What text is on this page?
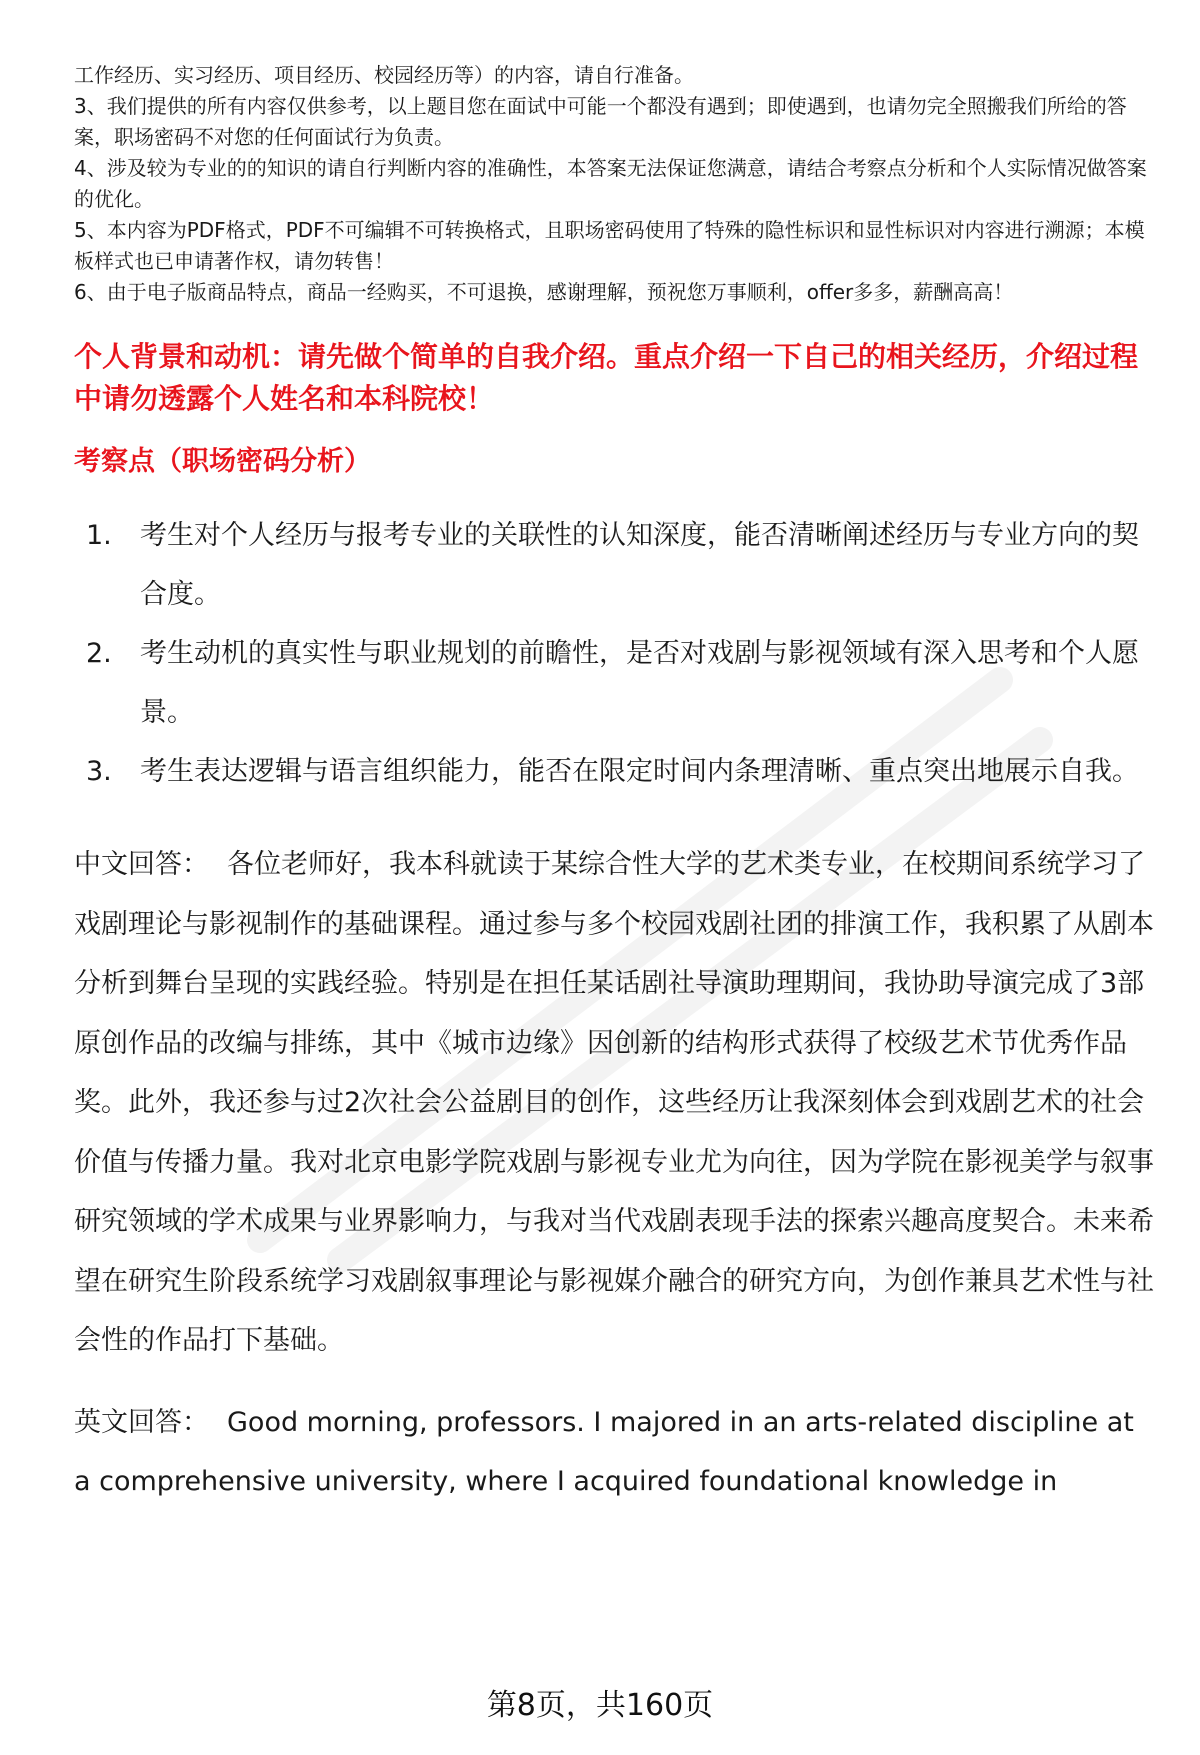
工作经历、实习经历、项目经历、校园经历等）的内容，请自行准备。

3、我们提供的所有内容仅供参考，以上题目您在面试中可能一个都没有遇到；即使遇到，也请勿完全照搬我们所给的答案，职场密码不对您的任何面试行为负责。

4、涉及较为专业的的知识的请自行判断内容的准确性，本答案无法保证您满意，请结合考察点分析和个人实际情况做答案的优化。

5、本内容为PDF格式，PDF不可编辑不可转换格式，且职场密码使用了特殊的隐性标识和显性标识对内容进行溯源；本模板样式也已申请著作权，请勿转售！

6、由于电子版商品特点，商品一经购买，不可退换，感谢理解，预祝您万事顺利，offer多多，薪酬高高！

个人背景和动机：请先做个简单的自我介绍。重点介绍一下自己的相关经历，介绍过程中请勿透露个人姓名和本科院校！

考察点（职场密码分析）

1.	考生对个人经历与报考专业的关联性的认知深度，能否清晰阐述经历与专业方向的契合度。
2.	考生动机的真实性与职业规划的前瞻性，是否对戏剧与影视领域有深入思考和个人愿景。
3.	考生表达逻辑与语言组织能力，能否在限定时间内条理清晰、重点突出地展示自我。

中文回答： 各位老师好，我本科就读于某综合性大学的艺术类专业，在校期间系统学习了戏剧理论与影视制作的基础课程。通过参与多个校园戏剧社团的排演工作，我积累了从剧本分析到舞台呈现的实践经验。特别是在担任某话剧社导演助理期间，我协助导演完成了3部原创作品的改编与排练，其中《城市边缘》因创新的结构形式获得了校级艺术节优秀作品奖。此外，我还参与过2次社会公益剧目的创作，这些经历让我深刻体会到戏剧艺术的社会价值与传播力量。我对北京电影学院戏剧与影视专业尤为向往，因为学院在影视美学与叙事研究领域的学术成果与业界影响力，与我对当代戏剧表现手法的探索兴趣高度契合。未来希望在研究生阶段系统学习戏剧叙事理论与影视媒介融合的研究方向，为创作兼具艺术性与社会性的作品打下基础。

英文回答： Good morning, professors. I majored in an arts-related discipline at a comprehensive university, where I acquired foundational knowledge in

第8页，共160页
